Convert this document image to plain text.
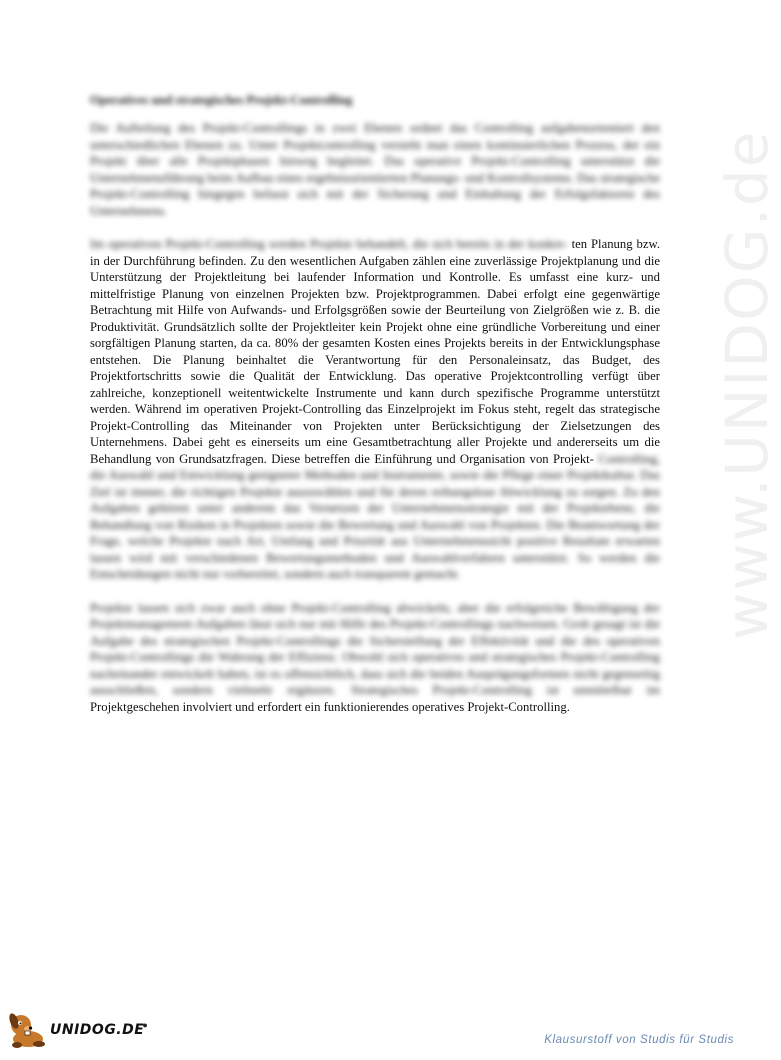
www.UNIDOG.de
Operatives und strategisches Projekt-Controlling
Die Aufteilung des Projekt-Controllings in zwei Ebenen ordnet das Controlling aufgabenorientiert den unterschiedlichen Ebenen zu. Unter Projektcontrolling versteht man einen kontinuierlichen Prozess, der ein Projekt über alle Projektphasen hinweg begleitet. Das operative Projekt-Controlling unterstützt die Unternehmensführung beim Aufbau eines ergebnisorientierten Planungs- und Kontrollsystems. Das strategische Projekt-Controlling hingegen befasst sich mit der Sicherung und Einhaltung der Erfolgsfaktoren des Unternehmens.
Im operativen Projekt-Controlling werden Projekte behandelt, die sich bereits in der konkre- ten Planung bzw. in der Durchführung befinden. Zu den wesentlichen Aufgaben zählen eine zuverlässige Projektplanung und die Unterstützung der Projektleitung bei laufender Information und Kontrolle. Es umfasst eine kurz- und mittelfristige Planung von einzelnen Projekten bzw. Projektprogrammen. Dabei erfolgt eine gegenwärtige Betrachtung mit Hilfe von Aufwands- und Erfolgsgrößen sowie der Beurteilung von Zielgrößen wie z. B. die Produktivität. Grundsätzlich sollte der Projektleiter kein Projekt ohne eine gründliche Vorbereitung und einer sorgfältigen Planung starten, da ca. 80% der gesamten Kosten eines Projekts bereits in der Entwicklungsphase entstehen. Die Planung beinhaltet die Verantwortung für den Personaleinsatz, das Budget, des Projektfortschritts sowie die Qualität der Entwicklung. Das operative Projektcontrolling verfügt über zahlreiche, konzeptionell weitentwickelte Instrumente und kann durch spezifische Programme unterstützt werden. Während im operativen Projekt-Controlling das Einzelprojekt im Fokus steht, regelt das strategische Projekt-Controlling das Miteinander von Projekten unter Berücksichtigung der Zielsetzungen des Unternehmens. Dabei geht es einerseits um eine Gesamtbetrachtung aller Projekte und andererseits um die Behandlung von Grundsatzfragen. Diese betreffen die Einführung und Organisation von Projekt- Controlling, die Auswahl und Entwicklung geeigneter Methoden und Instrumente, sowie die Pflege einer Projektkultur. Das Ziel ist immer, die richtigen Projekte auszuwählen und für deren reibungslose Abwicklung zu sorgen. Zu den Aufgaben gehören unter anderem das Vernetzen der Unternehmensstrategie mit der Projektebene, die Behandlung von Risiken in Projekten sowie die Bewertung und Auswahl von Projekten. Die Beantwortung der Frage, welche Projekte nach Art, Umfang und Priorität aus Unternehmenssicht positive Resultate erwarten lassen wird mit verschiedenen Bewertungsmethoden und Auswahlverfahren unterstützt. So werden die Entscheidungen nicht nur vorbereitet, sondern auch transparent gemacht.
Projekte lassen sich zwar auch ohne Projekt-Controlling abwickeln, aber die erfolgreiche Bewältigung der Projektmanagement-Aufgaben lässt sich nur mit Hilfe des Projekt-Controllings nachweisen. Grob gesagt ist die Aufgabe des strategischen Projekt-Controllings die Sicherstellung der Effektivität und die des operativen Projekt-Controllings die Wahrung der Effizienz. Obwohl sich operatives und strategisches Projekt-Controlling nacheinander entwickelt haben, ist es offensichtlich, dass sich die beiden Ausprägungsformen nicht gegenseitig ausschließen, sondern vielmehr ergänzen. Strategisches Projekt-Controlling ist unmittelbar im Projektgeschehen involviert und erfordert ein funktionierendes operatives Projekt-Controlling.
UNIDOG.DE
●
Klausurstoff von Studis für Studis
